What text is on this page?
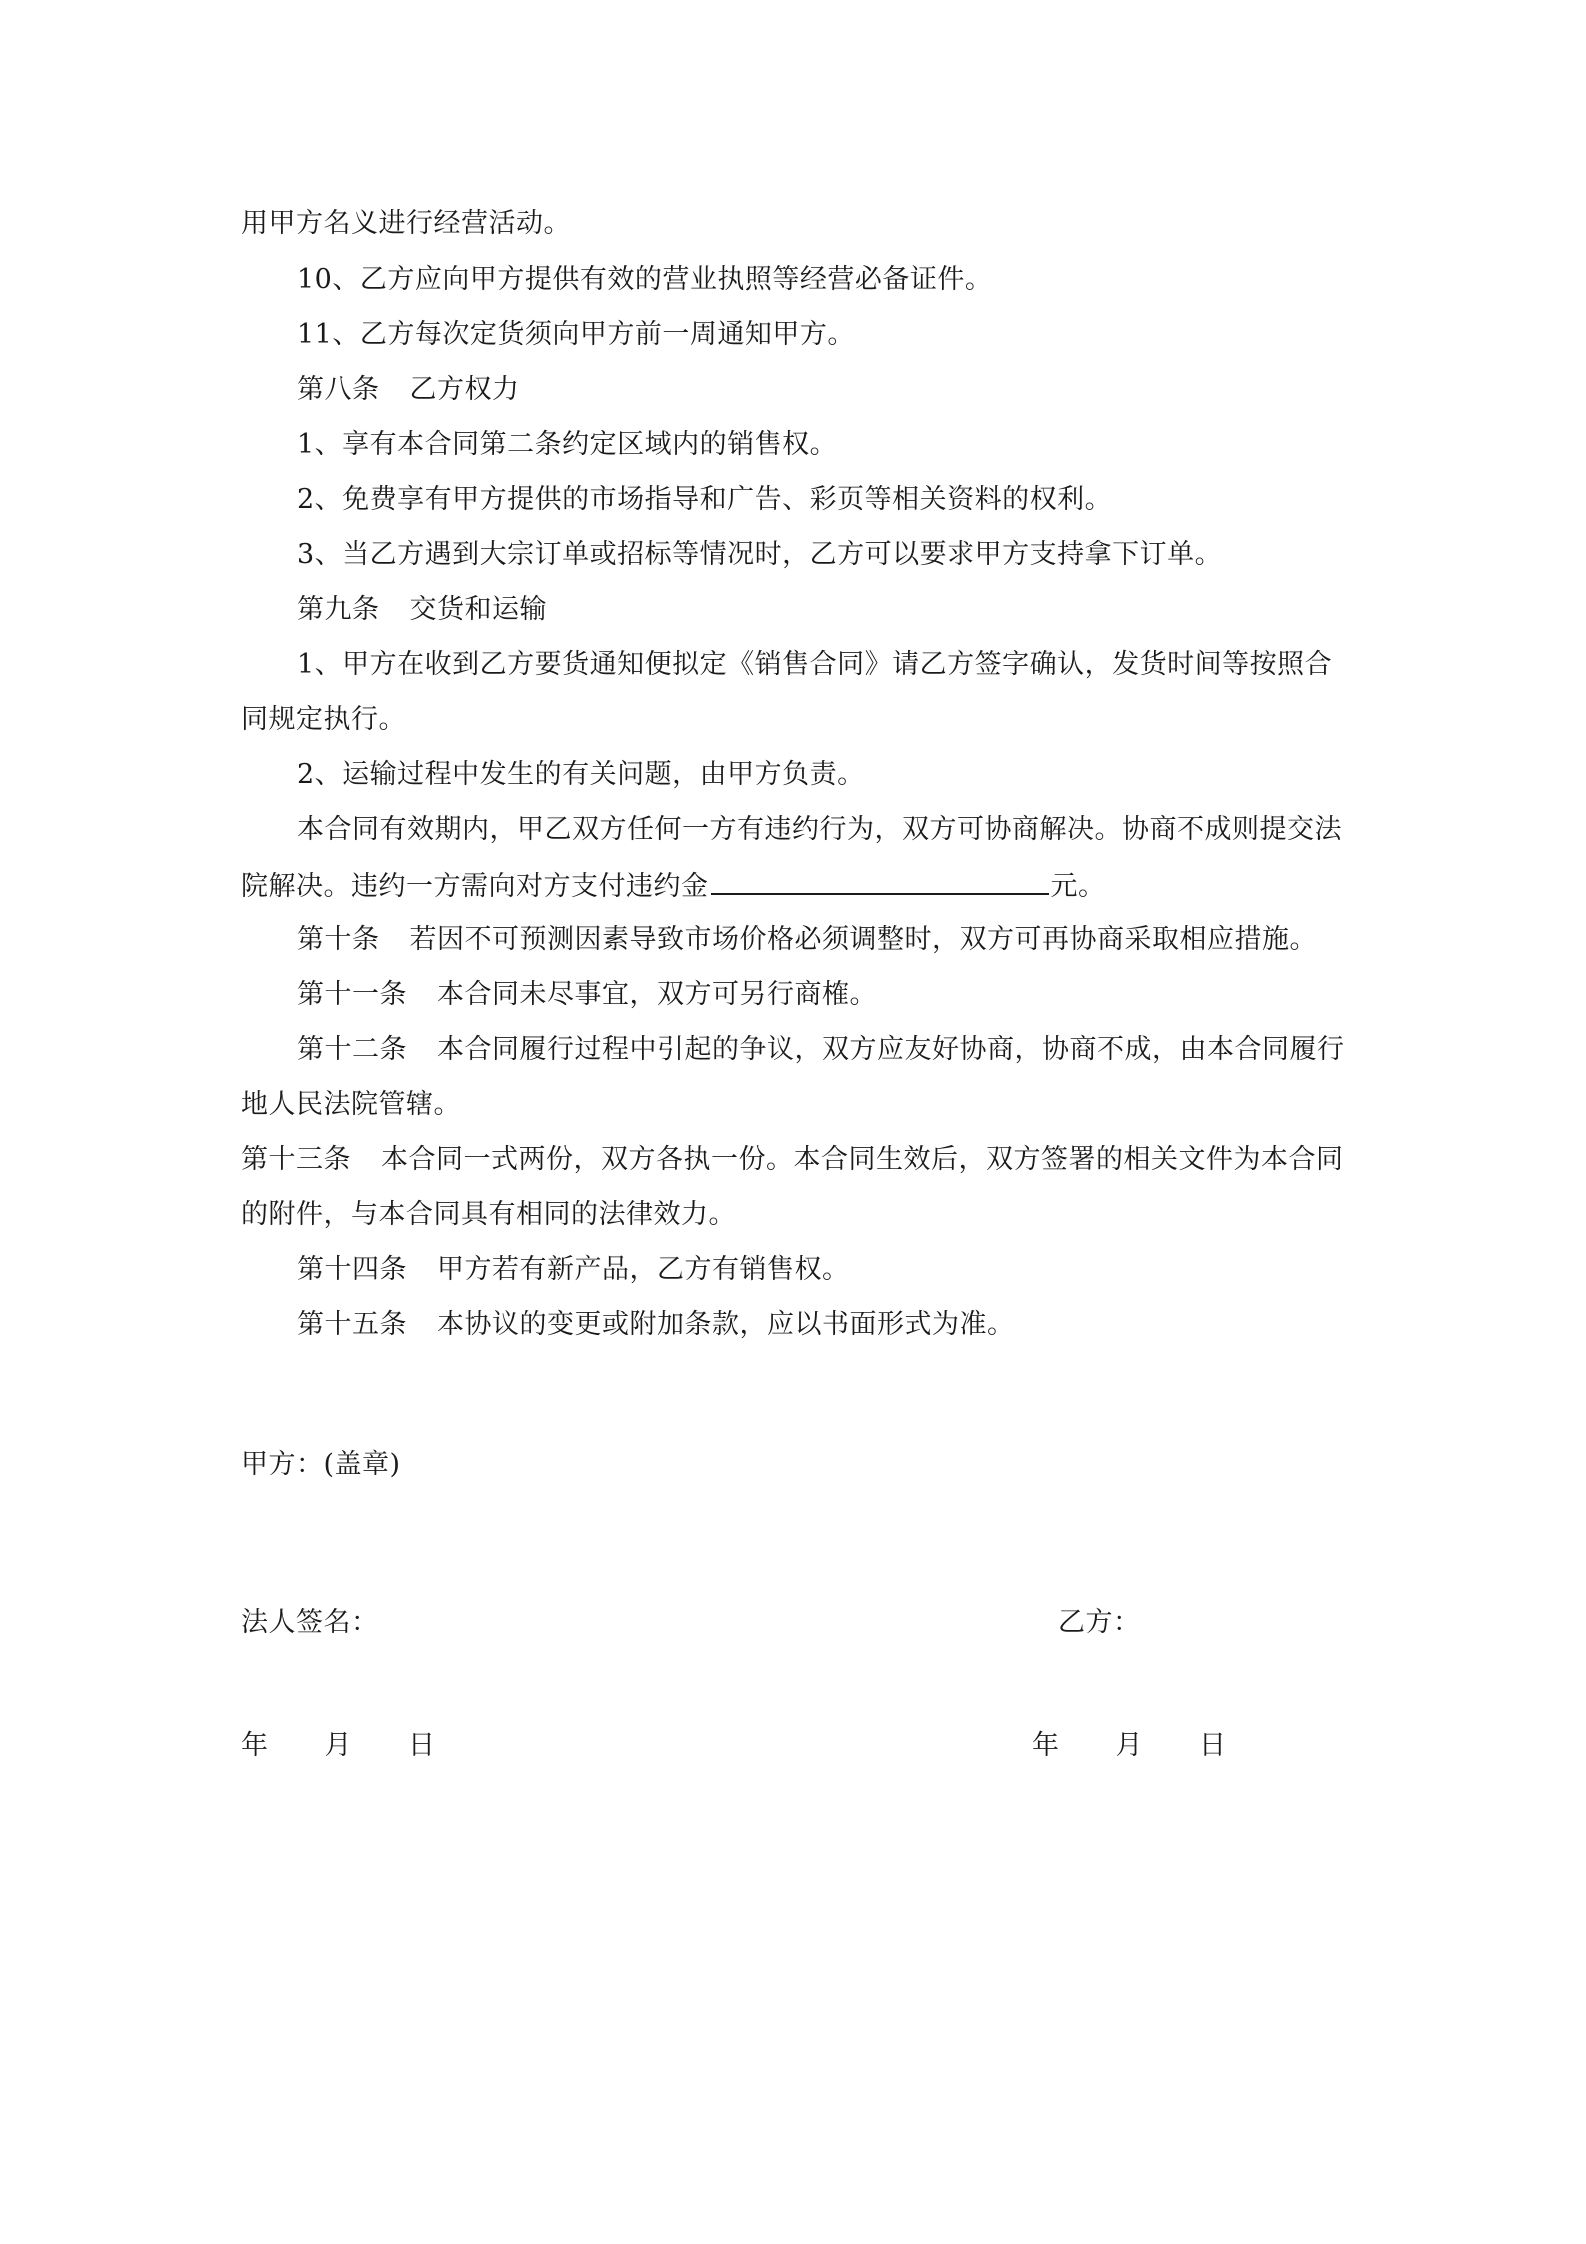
用甲方名义进行经营活动。
10、乙方应向甲方提供有效的营业执照等经营必备证件。
11、乙方每次定货须向甲方前一周通知甲方。
第八条 乙方权力
1、享有本合同第二条约定区域内的销售权。
2、免费享有甲方提供的市场指导和广告、彩页等相关资料的权利。
3、当乙方遇到大宗订单或招标等情况时，乙方可以要求甲方支持拿下订单。
第九条 交货和运输
1、甲方在收到乙方要货通知便拟定《销售合同》请乙方签字确认，发货时间等按照合
同规定执行。
2、运输过程中发生的有关问题，由甲方负责。
本合同有效期内，甲乙双方任何一方有违约行为，双方可协商解决。协商不成则提交法
院解决。违约一方需向对方支付违约金	元。
第十条 若因不可预测因素导致市场价格必须调整时，双方可再协商采取相应措施。
第十一条 本合同未尽事宜，双方可另行商榷。
第十二条 本合同履行过程中引起的争议，双方应友好协商，协商不成，由本合同履行
地人民法院管辖。
第十三条 本合同一式两份，双方各执一份。本合同生效后，双方签署的相关文件为本合同
的附件，与本合同具有相同的法律效力。
第十四条 甲方若有新产品，乙方有销售权。
第十五条 本协议的变更或附加条款，应以书面形式为准。
甲方：(盖章)
法人签名：	乙方：
年 月 日	年 月 日
